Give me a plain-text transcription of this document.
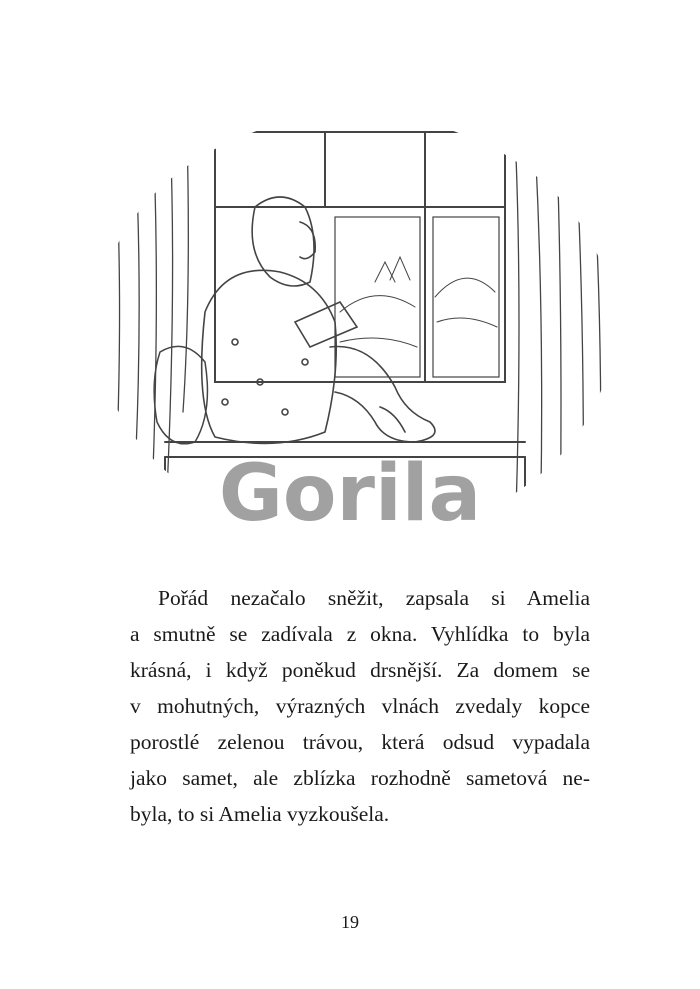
Gorila
Pořád nezačalo sněžit, zapsala si Amelia
a smutně se zadívala z okna. Vyhlídka to byla
krásná, i když poněkud drsnější. Za domem se
v mohutných, výrazných vlnách zvedaly kopce
porostlé zelenou trávou, která odsud vypadala
jako samet, ale zblízka rozhodně sametová ne-
byla, to si Amelia vyzkoušela.
19
